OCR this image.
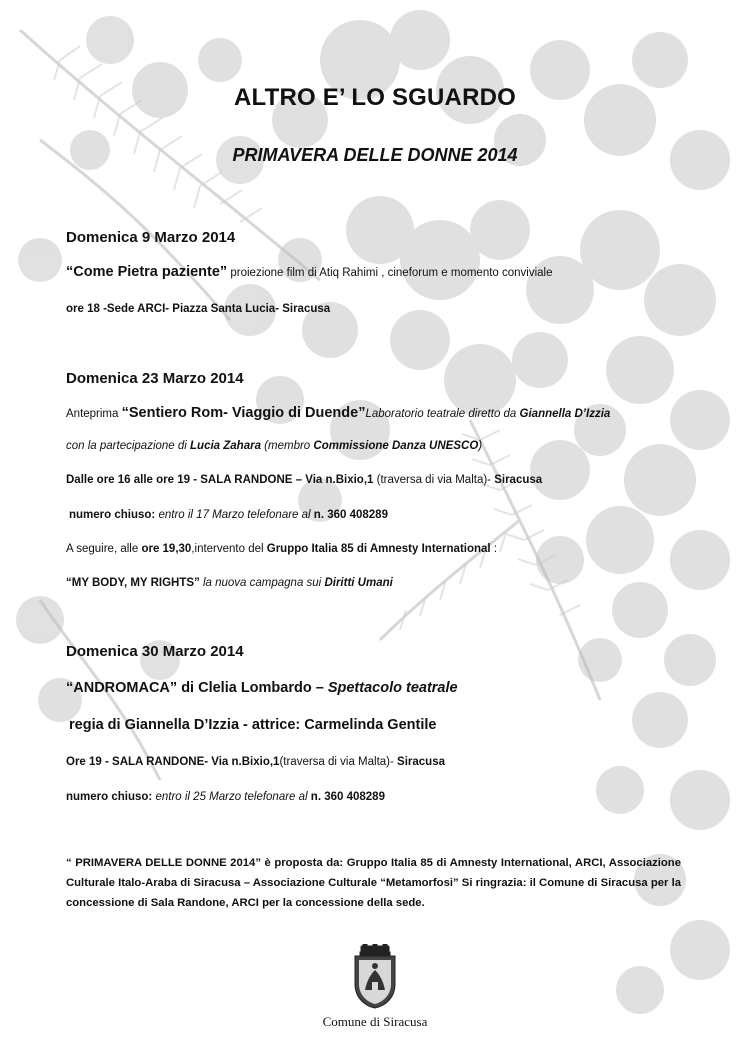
ALTRO E’ LO SGUARDO
PRIMAVERA DELLE DONNE 2014
Domenica 9 Marzo 2014
“Come Pietra paziente” proiezione film di Atiq Rahimi , cineforum e momento conviviale
ore 18 -Sede ARCI- Piazza Santa Lucia- Siracusa
Domenica 23 Marzo 2014
Anteprima “Sentiero Rom- Viaggio di Duende”Laboratorio teatrale diretto da Giannella D’Izzia
con la partecipazione di Lucia Zahara (membro Commissione Danza UNESCO)
Dalle ore 16 alle ore 19 - SALA RANDONE – Via n.Bixio,1 (traversa di via Malta)- Siracusa
numero chiuso: entro il 17 Marzo telefonare al n. 360 408289
A seguire, alle ore 19,30,intervento del Gruppo Italia 85 di Amnesty International :
“MY BODY, MY RIGHTS” la nuova campagna sui Diritti Umani
Domenica 30 Marzo 2014
“ANDROMACA” di Clelia Lombardo – Spettacolo teatrale
regia di Giannella D’Izzia - attrice: Carmelinda Gentile
Ore 19 - SALA RANDONE- Via n.Bixio,1(traversa di via Malta)- Siracusa
numero chiuso: entro il 25 Marzo telefonare al n. 360 408289
“ PRIMAVERA DELLE DONNE 2014” è proposta da: Gruppo Italia 85 di Amnesty International, ARCI, Associazione Culturale Italo-Araba di Siracusa – Associazione Culturale “Metamorfosi” Si ringrazia: il Comune di Siracusa per la concessione di Sala Randone, ARCI per la concessione della sede.
Comune di Siracusa
